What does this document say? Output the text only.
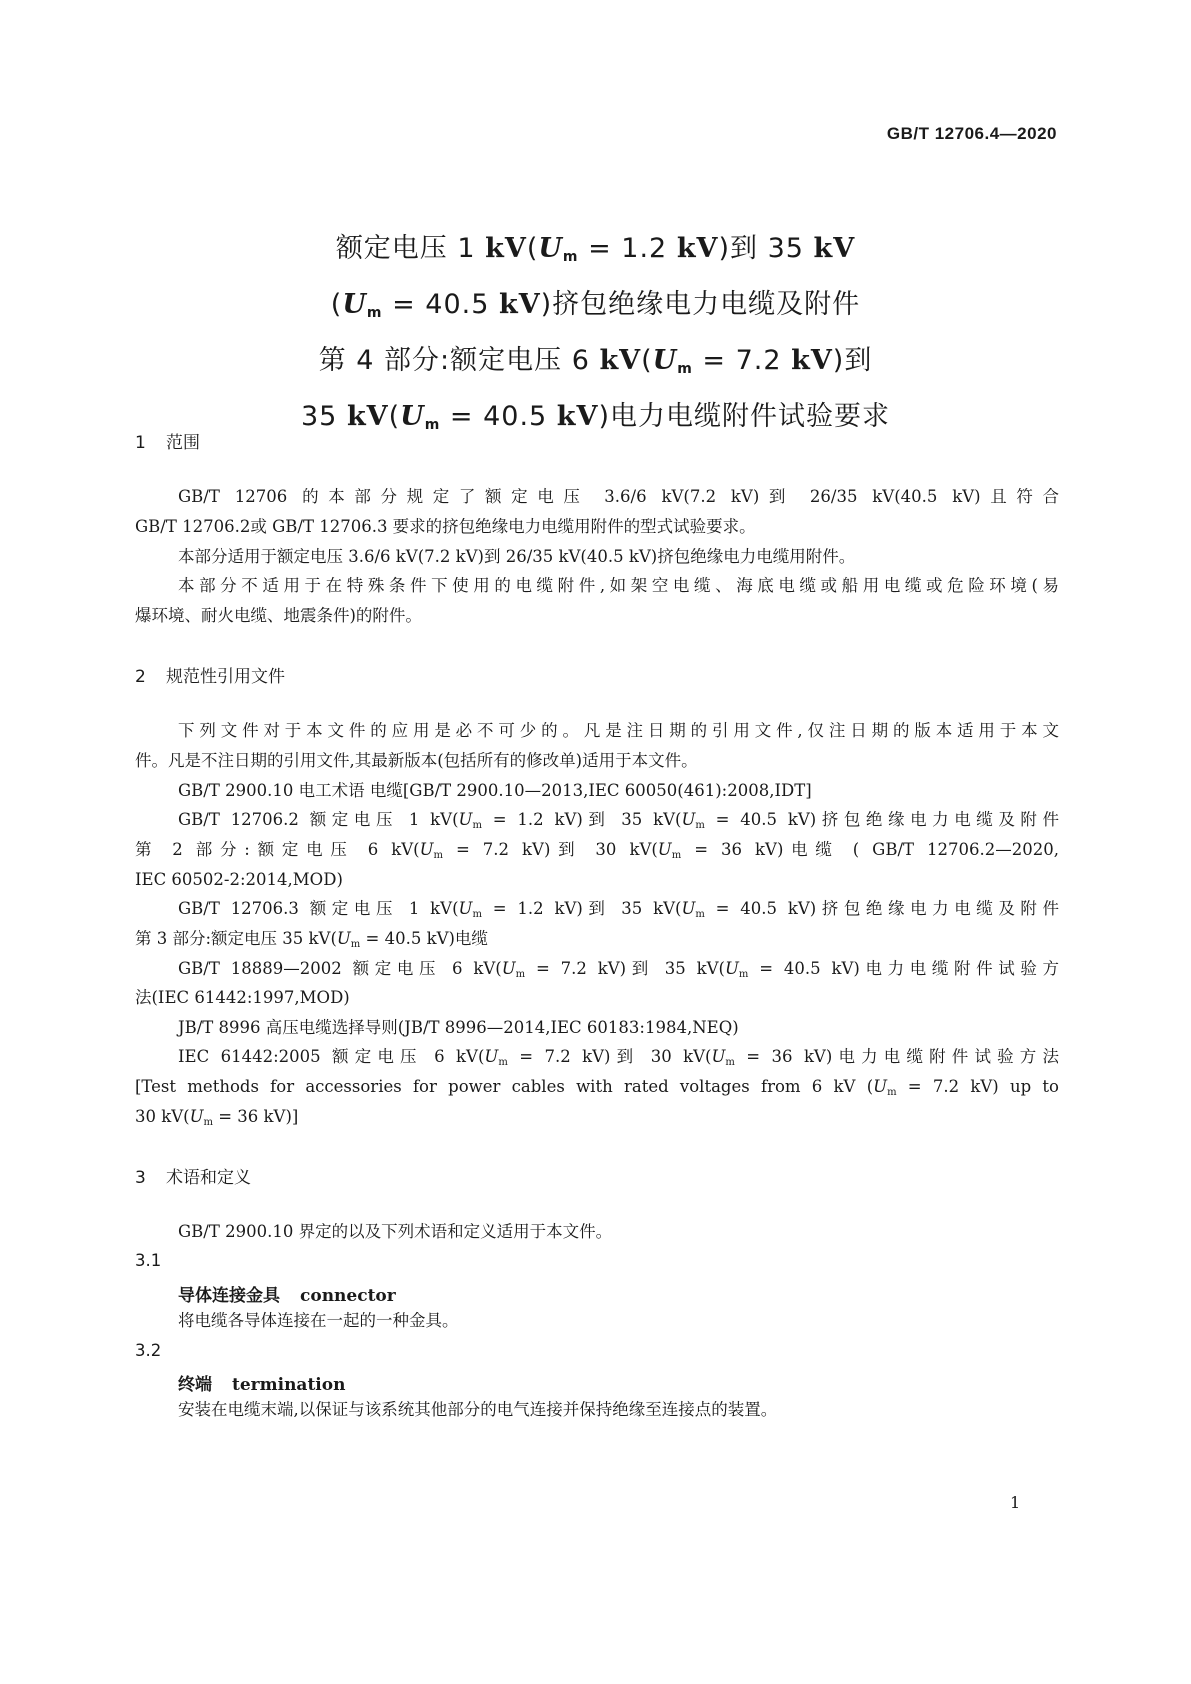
GB/T 12706.4—2020
额定电压 1 $kV(U_m = 1.2$ kV)到 35 kV
($U_m = 40.5$ kV)挤包绝缘电力电缆及附件
第 4 部分:额定电压 6 $kV(U_m = 7.2$ kV)到
35 $kV(U_m = 40.5$ kV)电力电缆附件试验要求
1 范围
GB/T 12706 的本部分规定了额定电压 3.6/6 kV(7.2 kV)到 26/35 kV(40.5 kV)且符合
GB/T 12706.2或 GB/T 12706.3 要求的挤包绝缘电力电缆用附件的型式试验要求。
本部分适用于额定电压 3.6/6 kV(7.2 kV)到 26/35 kV(40.5 kV)挤包绝缘电力电缆用附件。
本部分不适用于在特殊条件下使用的电缆附件,如架空电缆、海底电缆或船用电缆或危险环境(易
爆环境、耐火电缆、地震条件)的附件。
2 规范性引用文件
下列文件对于本文件的应用是必不可少的。凡是注日期的引用文件,仅注日期的版本适用于本文
件。凡是不注日期的引用文件,其最新版本(包括所有的修改单)适用于本文件。
GB/T 2900.10 电工术语 电缆[GB/T 2900.10—2013,IEC 60050(461):2008,IDT]
GB/T 12706.2 额定电压 1 $kV(U_m = 1.2$ kV)到 35 $kV(U_m = 40.5$ kV)挤包绝缘电力电缆及附件
第 2 部分:额定电压 6 $kV(U_m = 7.2$ kV)到 30 $kV(U_m = 36$ kV)电缆 ( GB/T 12706.2—2020,
IEC 60502-2:2014,MOD)
GB/T 12706.3 额定电压 1 $kV(U_m = 1.2$ kV)到 35 $kV(U_m = 40.5$ kV)挤包绝缘电力电缆及附件
第 3 部分:额定电压 35 $kV(U_m = 40.5$ kV)电缆
GB/T 18889—2002 额定电压 6 $kV(U_m = 7.2$ kV)到 35 $kV(U_m = 40.5$ kV)电力电缆附件试验方
法(IEC 61442:1997,MOD)
JB/T 8996 高压电缆选择导则(JB/T 8996—2014,IEC 60183:1984,NEQ)
IEC 61442:2005 额定电压 6 $kV(U_m = 7.2$ kV)到 30 $kV(U_m = 36$ kV)电力电缆附件试验方法
[Test methods for accessories for power cables with rated voltages from 6 kV ($U_m = 7.2$ kV) up to
30 $kV(U_m = 36$ kV)]
3 术语和定义
GB/T 2900.10 界定的以及下列术语和定义适用于本文件。
3.1
导体连接金具 connector
将电缆各导体连接在一起的一种金具。
3.2
终端 termination
安装在电缆末端,以保证与该系统其他部分的电气连接并保持绝缘至连接点的装置。
1
